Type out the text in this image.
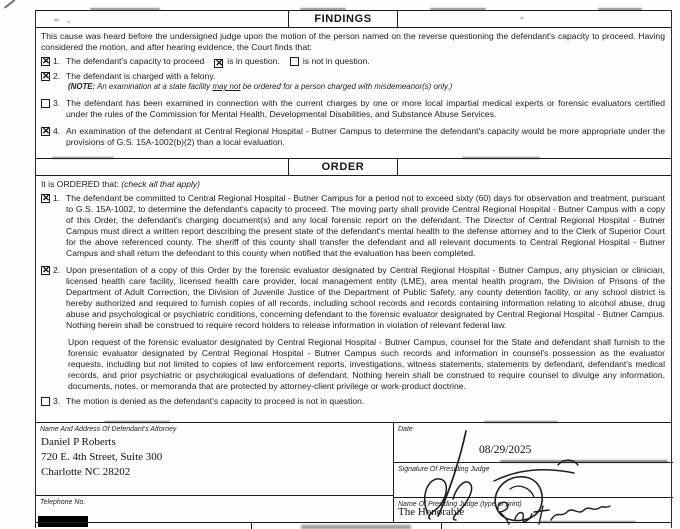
FINDINGS
This cause was heard before the undersigned judge upon the motion of the person named on the reverse questioning the defendant's capacity to proceed. Having considered the motion, and after hearing evidence, the Court finds that:
✕ 1. The defendant's capacity to proceed ✕ is in question.	is not in question.
✕ 2. The defendant is charged with a felony.
(NOTE: An examination at a state facility may not be ordered for a person charged with misdemeanor(s) only.)
3. The defendant has been examined in connection with the current charges by one or more local impartial medical experts or forensic evaluators certified under the rules of the Commission for Mental Health, Developmental Disabilities, and Substance Abuse Services.
✕ 4. An examination of the defendant at Central Regional Hospital - Butner Campus to determine the defendant's capacity would be more appropriate under the provisions of G.S. 15A-1002(b)(2) than a local evaluation.
ORDER
It is ORDERED that: (check all that apply)
✕ 1. The defendant be committed to Central Regional Hospital - Butner Campus for a period not to exceed sixty (60) days for observation and treatment, pursuant to G.S. 15A-1002, to determine the defendant's capacity to proceed. The moving party shall provide Central Regional Hospital - Butner Campus with a copy of this Order, the defendant's charging document(s) and any local forensic report on the defendant. The Director of Central Regional Hospital - Butner Campus must direct a written report describing the present state of the defendant's mental health to the defense attorney and to the Clerk of Superior Court for the above referenced county. The sheriff of this county shall transfer the defendant and all relevant documents to Central Regional Hospital - Butner Campus and shall return the defendant to this county when notified that the evaluation has been completed.
✕ 2. Upon presentation of a copy of this Order by the forensic evaluator designated by Central Regional Hospital - Butner Campus, any physician or clinician, licensed health care facility, licensed health care provider, local management entity (LME), area mental health program, the Division of Prisons of the Department of Adult Correction, the Division of Juvenile Justice of the Department of Public Safety, any county detention facility, or any school district is hereby authorized and required to furnish copies of all records, including school records and records containing information relating to alcohol abuse, drug abuse and psychological or psychiatric conditions, concerning defendant to the forensic evaluator designated by Central Regional Hospital - Butner Campus. Nothing herein shall be construed to require record holders to release information in violation of relevant federal law.
Upon request of the forensic evaluator designated by Central Regional Hospital - Butner Campus, counsel for the State and defendant shall furnish to the forensic evaluator designated by Central Regional Hospital - Butner Campus such records and information in counsel's possession as the evaluator requests, including but not limited to copies of law enforcement reports, investigations, witness statements, statements by defendant, defendant's medical records, and prior psychiatric or psychological evaluations of defendant. Nothing herein shall be construed to require counsel to divulge any information, documents, notes, or memoranda that are protected by attorney-client privilege or work-product doctrine.
3. The motion is denied as the defendant's capacity to proceed is not in question.
Name And Address Of Defendant's Attorney
Daniel P Roberts
720 E. 4th Street, Suite 300
Charlotte NC 28202
Telephone No.
Date
08/29/2025
Signature Of Presiding Judge
Name Of Presiding Judge (type or print)
The Honorable
